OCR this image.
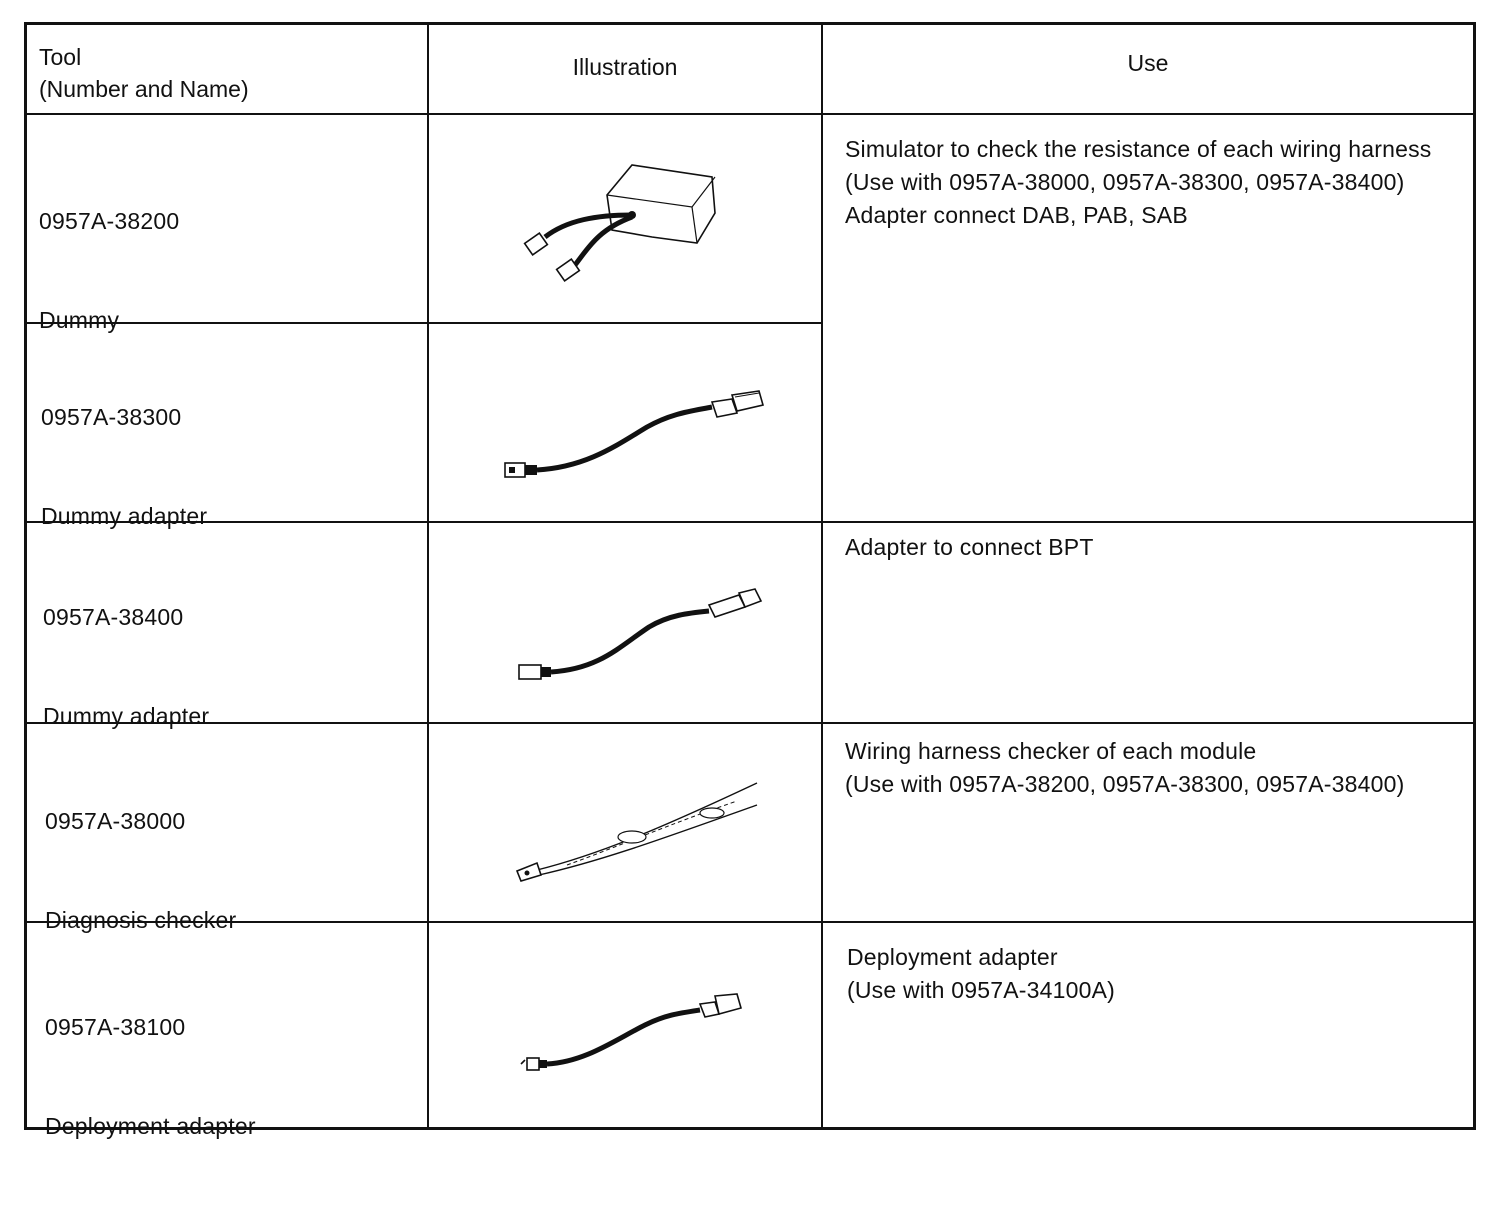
Tool
(Number and Name)
Illustration	Use

0957A-38200

Dummy

0957A-38300

Dummy adapter

0957A-38400

Dummy adapter

0957A-38000

Diagnosis checker

0957A-38100

Deployment adapter

Simulator to check the resistance of each wiring harness
(Use with 0957A-38000, 0957A-38300, 0957A-38400)
Adapter connect DAB, PAB, SAB
Adapter to connect BPT
Wiring harness checker of each module
(Use with 0957A-38200, 0957A-38300, 0957A-38400)
Deployment adapter
(Use with 0957A-34100A)
